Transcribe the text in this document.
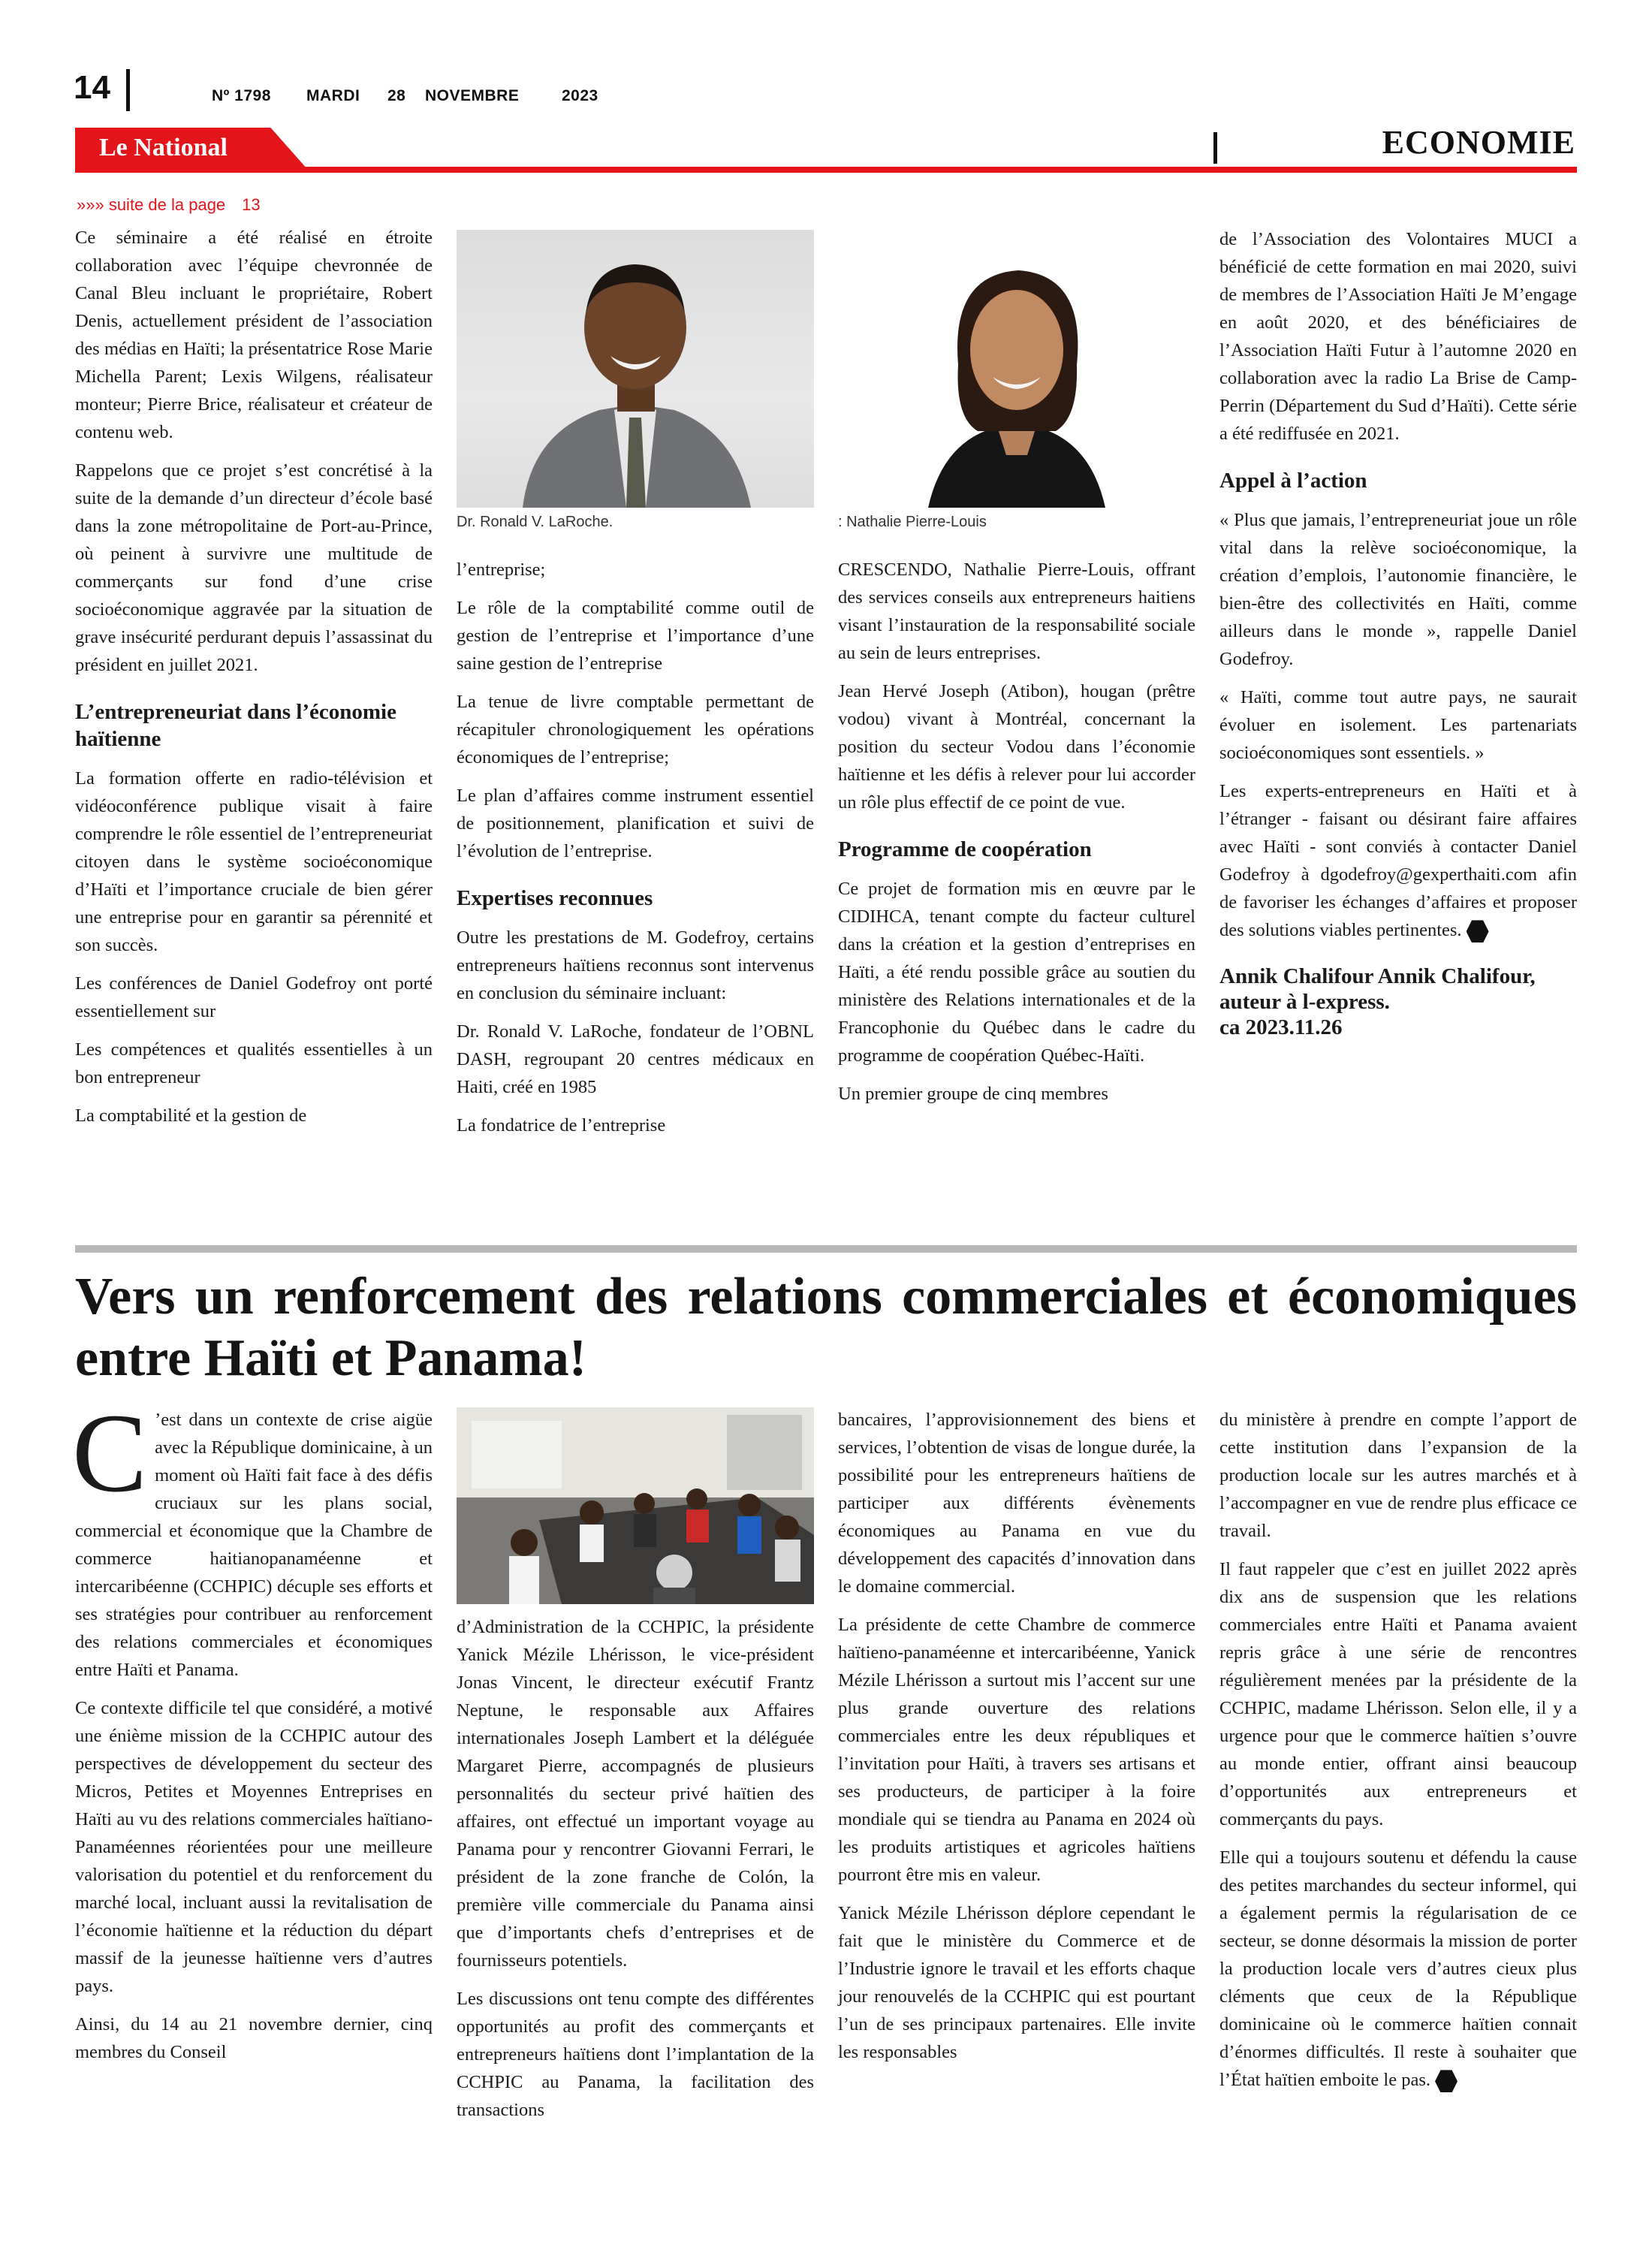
14	Nº 1798 MARDI 28 NOVEMBRE	2023
Le National	ECONOMIE
»»» suite de la page 13

Ce séminaire a été réalisé en étroite collaboration avec l’équipe chevronnée de Canal Bleu incluant le propriétaire, Robert Denis, actuellement président de l’association des médias en Haïti; la présentatrice Rose Marie Michella Parent; Lexis Wilgens, réalisateur monteur; Pierre Brice, réalisateur et créateur de contenu web.

Rappelons que ce projet s’est concrétisé à la suite de la demande d’un directeur d’école basé dans la zone métropolitaine de Port-au-Prince, où peinent à survivre une multitude de commerçants sur fond d’une crise socioéconomique aggravée par la situation de grave insécurité perdurant depuis l’assassinat du président en juillet 2021.

L’entrepreneuriat dans l’économie haïtienne

La formation offerte en radio-télévision et vidéoconférence publique visait à faire comprendre le rôle essentiel de l’entrepreneuriat citoyen dans le système socioéconomique d’Haïti et l’importance cruciale de bien gérer une entreprise pour en garantir sa pérennité et son succès.

Les conférences de Daniel Godefroy ont porté essentiellement sur

Les compétences et qualités essentielles à un bon entrepreneur

La comptabilité et la gestion de

Dr. Ronald V. LaRoche.

l’entreprise;

Le rôle de la comptabilité comme outil de gestion de l’entreprise et l’importance d’une saine gestion de l’entreprise

La tenue de livre comptable permettant de récapituler chronologiquement les opérations économiques de l’entreprise;

Le plan d’affaires comme instrument essentiel de positionnement, planification et suivi de l’évolution de l’entreprise.

Expertises reconnues

Outre les prestations de M. Godefroy, certains entrepreneurs haïtiens reconnus sont intervenus en conclusion du séminaire incluant:

Dr. Ronald V. LaRoche, fondateur de l’OBNL DASH, regroupant 20 centres médicaux en Haiti, créé en 1985

La fondatrice de l’entreprise

: Nathalie Pierre-Louis

CRESCENDO, Nathalie Pierre-Louis, offrant des services conseils aux entrepreneurs haitiens visant l’instauration de la responsabilité sociale au sein de leurs entreprises.

Jean Hervé Joseph (Atibon), hougan (prêtre vodou) vivant à Montréal, concernant la position du secteur Vodou dans l’économie haïtienne et les défis à relever pour lui accorder un rôle plus effectif de ce point de vue.

Programme de coopération

Ce projet de formation mis en œuvre par le CIDIHCA, tenant compte du facteur culturel dans la création et la gestion d’entreprises en Haïti, a été rendu possible grâce au soutien du ministère des Relations internationales et de la Francophonie du Québec dans le cadre du programme de coopération Québec-Haïti.

Un premier groupe de cinq membres

de l’Association des Volontaires MUCI a bénéficié de cette formation en mai 2020, suivi de membres de l’Association Haïti Je M’engage en août 2020, et des bénéficiaires de l’Association Haïti Futur à l’automne 2020 en collaboration avec la radio La Brise de Camp-Perrin (Département du Sud d’Haïti). Cette série a été rediffusée en 2021.

Appel à l’action

« Plus que jamais, l’entrepreneuriat joue un rôle vital dans la relève socioéconomique, la création d’emplois, l’autonomie financière, le bien-être des collectivités en Haïti, comme ailleurs dans le monde », rappelle Daniel Godefroy.

« Haïti, comme tout autre pays, ne saurait évoluer en isolement. Les partenariats socioéconomiques sont essentiels. »

Les experts-entrepreneurs en Haïti et à l’étranger - faisant ou désirant faire affaires avec Haïti - sont conviés à contacter Daniel Godefroy à dgodefroy@gexperthaiti.com afin de favoriser les échanges d’affaires et proposer des solutions viables pertinentes.

Annik Chalifour Annik Chalifour, auteur à l-express.
ca 2023.11.26

Vers un renforcement des relations commerciales et économiques entre Haïti et Panama!

C ’est dans un contexte de crise aigüe avec la République dominicaine, à un moment où Haïti fait face à des défis cruciaux sur les plans social, commercial et économique que la Chambre de commerce haitianopanaméenne et intercaribéenne (CCHPIC) décuple ses efforts et ses stratégies pour contribuer au renforcement des relations commerciales et économiques entre Haïti et Panama.

Ce contexte difficile tel que considéré, a motivé une énième mission de la CCHPIC autour des perspectives de développement du secteur des Micros, Petites et Moyennes Entreprises en Haïti au vu des relations commerciales haïtiano-Panaméennes réorientées pour une meilleure valorisation du potentiel et du renforcement du marché local, incluant aussi la revitalisation de l’économie haïtienne et la réduction du départ massif de la jeunesse haïtienne vers d’autres pays.

Ainsi, du 14 au 21 novembre dernier, cinq membres du Conseil

d’Administration de la CCHPIC, la présidente Yanick Mézile Lhérisson, le vice-président Jonas Vincent, le directeur exécutif Frantz Neptune, le responsable aux Affaires internationales Joseph Lambert et la déléguée Margaret Pierre, accompagnés de plusieurs personnalités du secteur privé haïtien des affaires, ont effectué un important voyage au Panama pour y rencontrer Giovanni Ferrari, le président de la zone franche de Colón, la première ville commerciale du Panama ainsi que d’importants chefs d’entreprises et de fournisseurs potentiels.

Les discussions ont tenu compte des différentes opportunités au profit des commerçants et entrepreneurs haïtiens dont l’implantation de la CCHPIC au Panama, la facilitation des transactions

bancaires, l’approvisionnement des biens et services, l’obtention de visas de longue durée, la possibilité pour les entrepreneurs haïtiens de participer aux différents évènements économiques au Panama en vue du développement des capacités d’innovation dans le domaine commercial.

La présidente de cette Chambre de commerce haïtieno-panaméenne et intercaribéenne, Yanick Mézile Lhérisson a surtout mis l’accent sur une plus grande ouverture des relations commerciales entre les deux républiques et l’invitation pour Haïti, à travers ses artisans et ses producteurs, de participer à la foire mondiale qui se tiendra au Panama en 2024 où les produits artistiques et agricoles haïtiens pourront être mis en valeur.

Yanick Mézile Lhérisson déplore cependant le fait que le ministère du Commerce et de l’Industrie ignore le travail et les efforts chaque jour renouvelés de la CCHPIC qui est pourtant l’un de ses principaux partenaires. Elle invite les responsables

du ministère à prendre en compte l’apport de cette institution dans l’expansion de la production locale sur les autres marchés et à l’accompagner en vue de rendre plus efficace ce travail.

Il faut rappeler que c’est en juillet 2022 après dix ans de suspension que les relations commerciales entre Haïti et Panama avaient repris grâce à une série de rencontres régulièrement menées par la présidente de la CCHPIC, madame Lhérisson. Selon elle, il y a urgence pour que le commerce haïtien s’ouvre au monde entier, offrant ainsi beaucoup d’opportunités aux entrepreneurs et commerçants du pays.

Elle qui a toujours soutenu et défendu la cause des petites marchandes du secteur informel, qui a également permis la régularisation de ce secteur, se donne désormais la mission de porter la production locale vers d’autres cieux plus cléments que ceux de la République dominicaine où le commerce haïtien connait d’énormes difficultés. Il reste à souhaiter que l’État haïtien emboite le pas.
